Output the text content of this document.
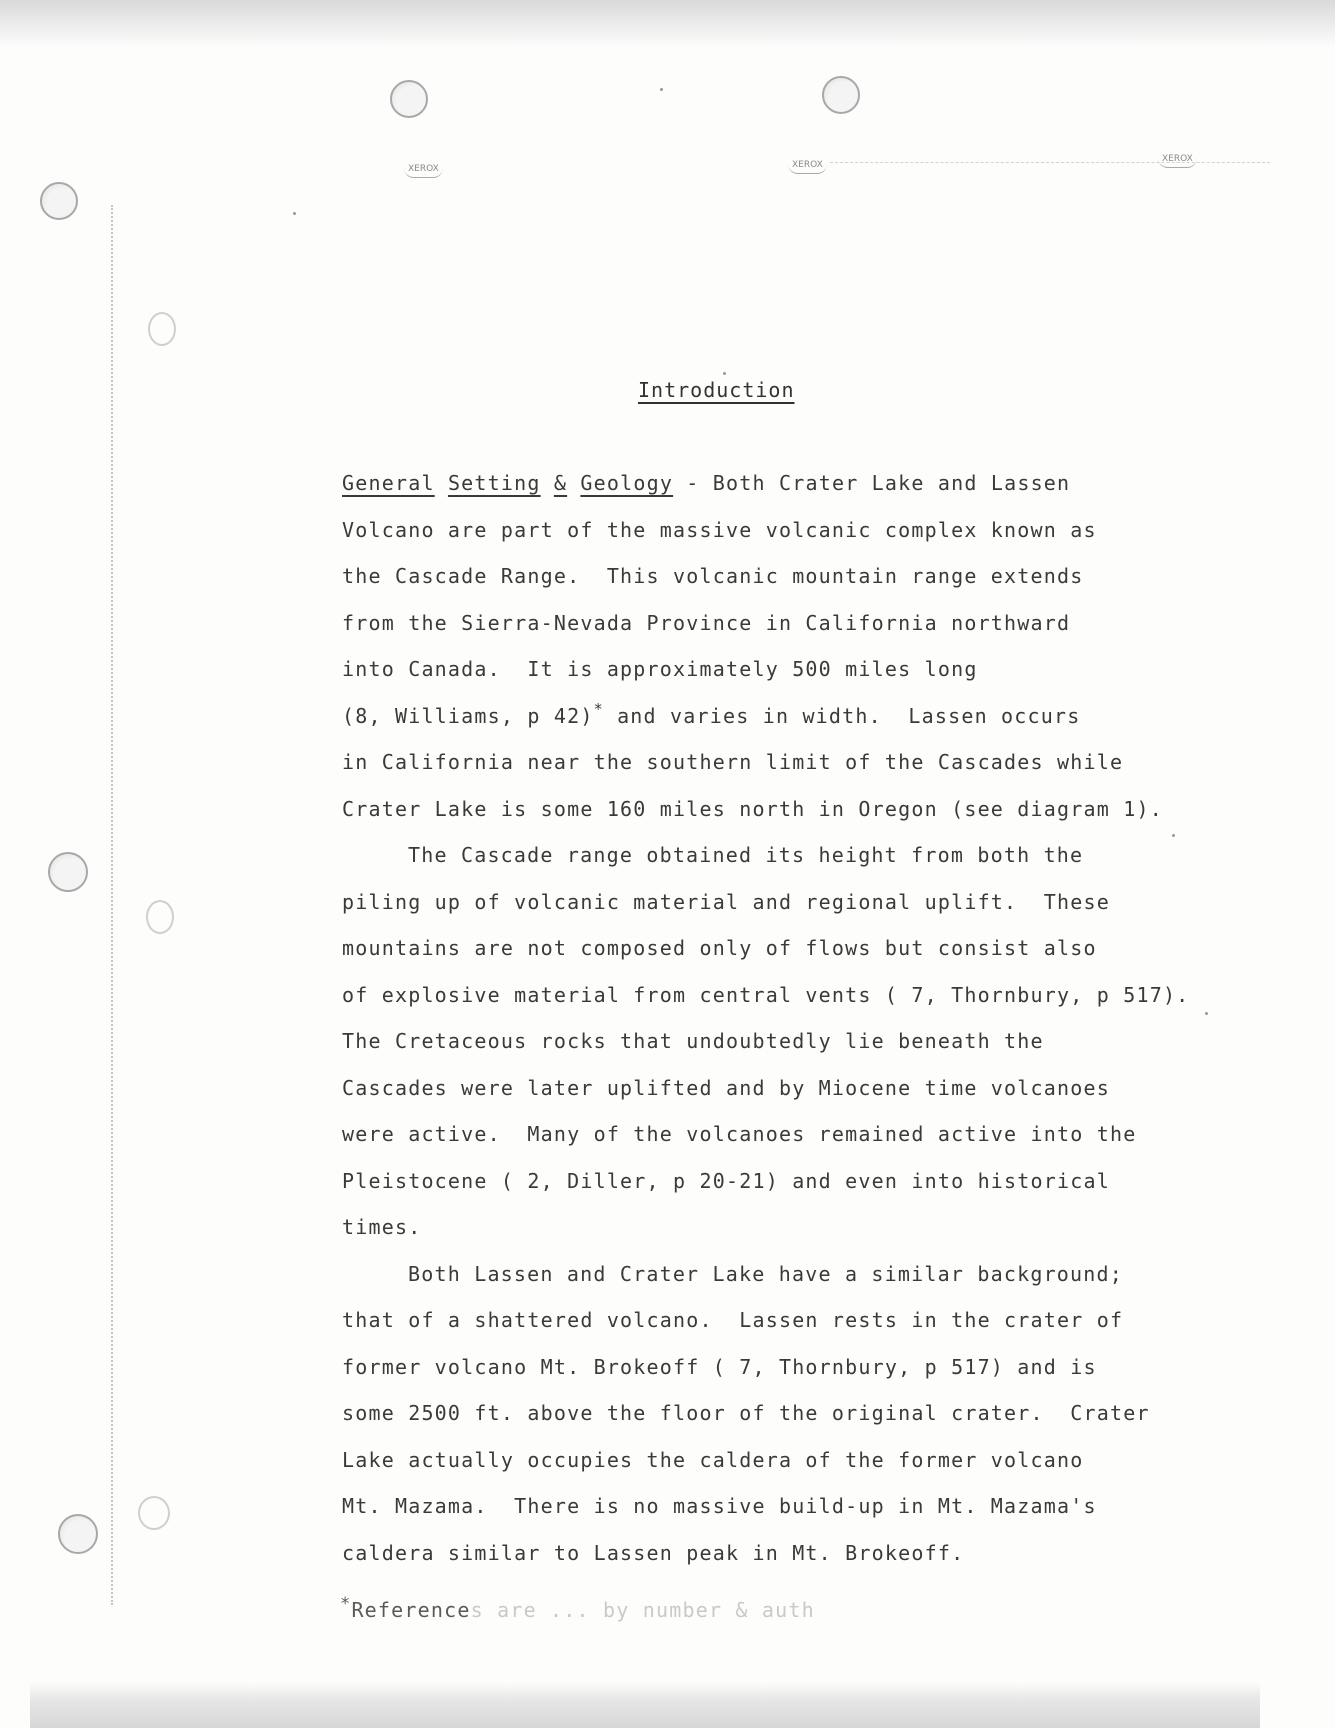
XEROX	XEROX
XEROX
Introduction
General Setting & Geology - Both Crater Lake and Lassen
Volcano are part of the massive volcanic complex known as
the Cascade Range.  This volcanic mountain range extends
from the Sierra-Nevada Province in California northward
into Canada.  It is approximately 500 miles long
(8, Williams, p 42)* and varies in width.  Lassen occurs
in California near the southern limit of the Cascades while
Crater Lake is some 160 miles north in Oregon (see diagram 1).
The Cascade range obtained its height from both the
piling up of volcanic material and regional uplift.  These
mountains are not composed only of flows but consist also
of explosive material from central vents ( 7, Thornbury, p 517).
The Cretaceous rocks that undoubtedly lie beneath the
Cascades were later uplifted and by Miocene time volcanoes
were active.  Many of the volcanoes remained active into the
Pleistocene ( 2, Diller, p 20-21) and even into historical
times.
Both Lassen and Crater Lake have a similar background;
that of a shattered volcano.  Lassen rests in the crater of
former volcano Mt. Brokeoff ( 7, Thornbury, p 517) and is
some 2500 ft. above the floor of the original crater.  Crater
Lake actually occupies the caldera of the former volcano
Mt. Mazama.  There is no massive build-up in Mt. Mazama's
caldera similar to Lassen peak in Mt. Brokeoff.
*References are ... by number & auth
